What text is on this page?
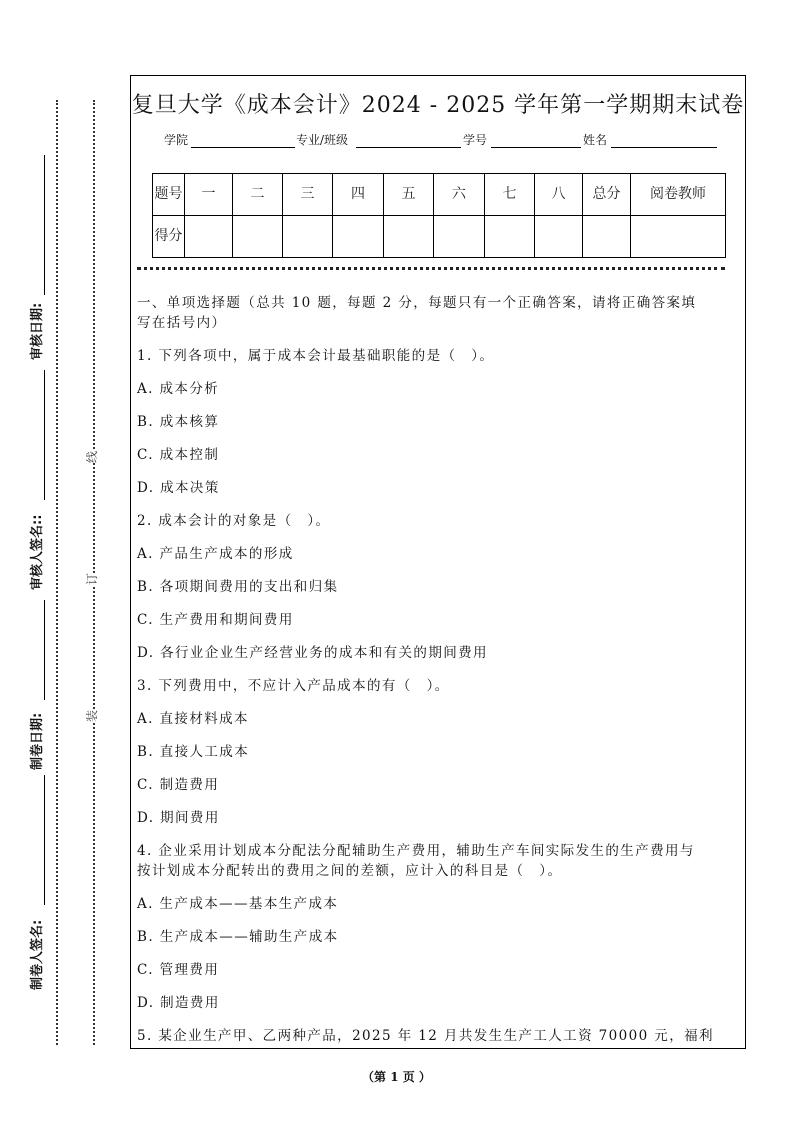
线
订
装
制卷人签名:
制卷日期:
审核人签名::
审核日期:
复旦大学《成本会计》2024 - 2025 学年第一学期期末试卷
学院	专业/班级	学号	姓名
题号	一	二	三	四	五	六	七	八	总分	阅卷教师
得分										

一、单项选择题（总共 10 题，每题 2 分，每题只有一个正确答案，请将正确答案填
写在括号内）

1. 下列各项中，属于成本会计最基础职能的是（　）。

A. 成本分析

B. 成本核算

C. 成本控制

D. 成本决策

2. 成本会计的对象是（　）。

A. 产品生产成本的形成

B. 各项期间费用的支出和归集

C. 生产费用和期间费用

D. 各行业企业生产经营业务的成本和有关的期间费用

3. 下列费用中，不应计入产品成本的有（　）。

A. 直接材料成本

B. 直接人工成本

C. 制造费用

D. 期间费用

4. 企业采用计划成本分配法分配辅助生产费用，辅助生产车间实际发生的生产费用与
按计划成本分配转出的费用之间的差额，应计入的科目是（　）。

A. 生产成本——基本生产成本

B. 生产成本——辅助生产成本

C. 管理费用

D. 制造费用

5. 某企业生产甲、乙两种产品，2025 年 12 月共发生生产工人工资 70000 元，福利

（第 1 页 ）
